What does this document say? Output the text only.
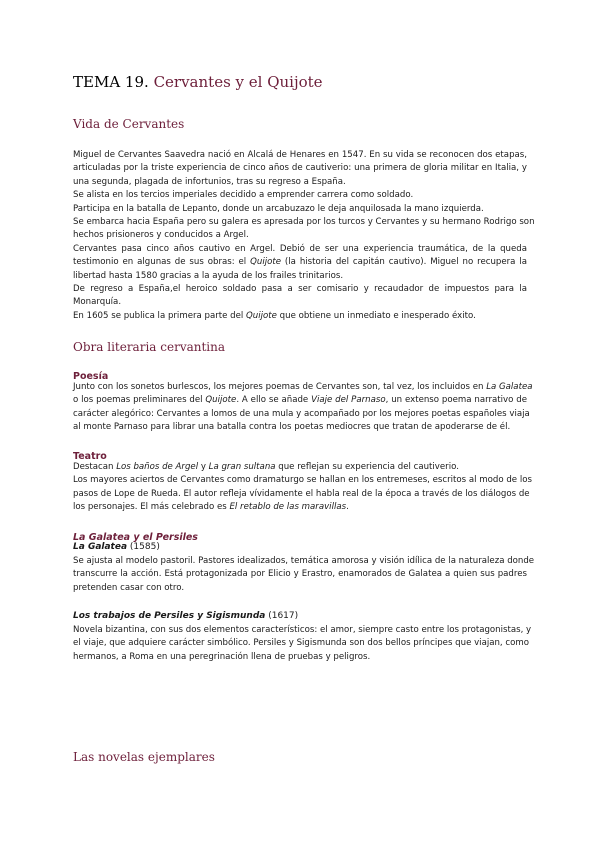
TEMA 19. Cervantes y el Quijote
Vida de Cervantes
Miguel de Cervantes Saavedra nació en Alcalá de Henares en 1547. En su vida se reconocen dos etapas,
articuladas por la triste experiencia de cinco años de cautiverio: una primera de gloria militar en Italia, y
una segunda, plagada de infortunios, tras su regreso a España.
Se alista en los tercios imperiales decidido a emprender carrera como soldado.
Participa en la batalla de Lepanto, donde un arcabuzazo le deja anquilosada la mano izquierda.
Se embarca hacia España pero su galera es apresada por los turcos y Cervantes y su hermano Rodrigo son
hechos prisioneros y conducidos a Argel.
Cervantes pasa cinco años cautivo en Argel. Debió de ser una experiencia traumática, de la queda
testimonio en algunas de sus obras: el Quijote (la historia del capitán cautivo). Miguel no recupera la
libertad hasta 1580 gracias a la ayuda de los frailes trinitarios.
De regreso a España,el heroico soldado pasa a ser comisario y recaudador de impuestos para la
Monarquía.
En 1605 se publica la primera parte del Quijote que obtiene un inmediato e inesperado éxito.
Obra literaria cervantina
Poesía
Junto con los sonetos burlescos, los mejores poemas de Cervantes son, tal vez, los incluidos en La Galatea
o los poemas preliminares del Quijote. A ello se añade Viaje del Parnaso, un extenso poema narrativo de
carácter alegórico: Cervantes a lomos de una mula y acompañado por los mejores poetas españoles viaja
al monte Parnaso para librar una batalla contra los poetas mediocres que tratan de apoderarse de él.
Teatro
Destacan Los baños de Argel y La gran sultana que reflejan su experiencia del cautiverio.
Los mayores aciertos de Cervantes como dramaturgo se hallan en los entremeses, escritos al modo de los
pasos de Lope de Rueda. El autor refleja vívidamente el habla real de la época a través de los diálogos de
los personajes. El más celebrado es El retablo de las maravillas.
La Galatea y el Persiles
La Galatea (1585)
Se ajusta al modelo pastoril. Pastores idealizados, temática amorosa y visión idílica de la naturaleza donde
transcurre la acción. Está protagonizada por Elicio y Erastro, enamorados de Galatea a quien sus padres
pretenden casar con otro.
Los trabajos de Persiles y Sigismunda (1617)
Novela bizantina, con sus dos elementos característicos: el amor, siempre casto entre los protagonistas, y
el viaje, que adquiere carácter simbólico. Persiles y Sigismunda son dos bellos príncipes que viajan, como
hermanos, a Roma en una peregrinación llena de pruebas y peligros.
Las novelas ejemplares
